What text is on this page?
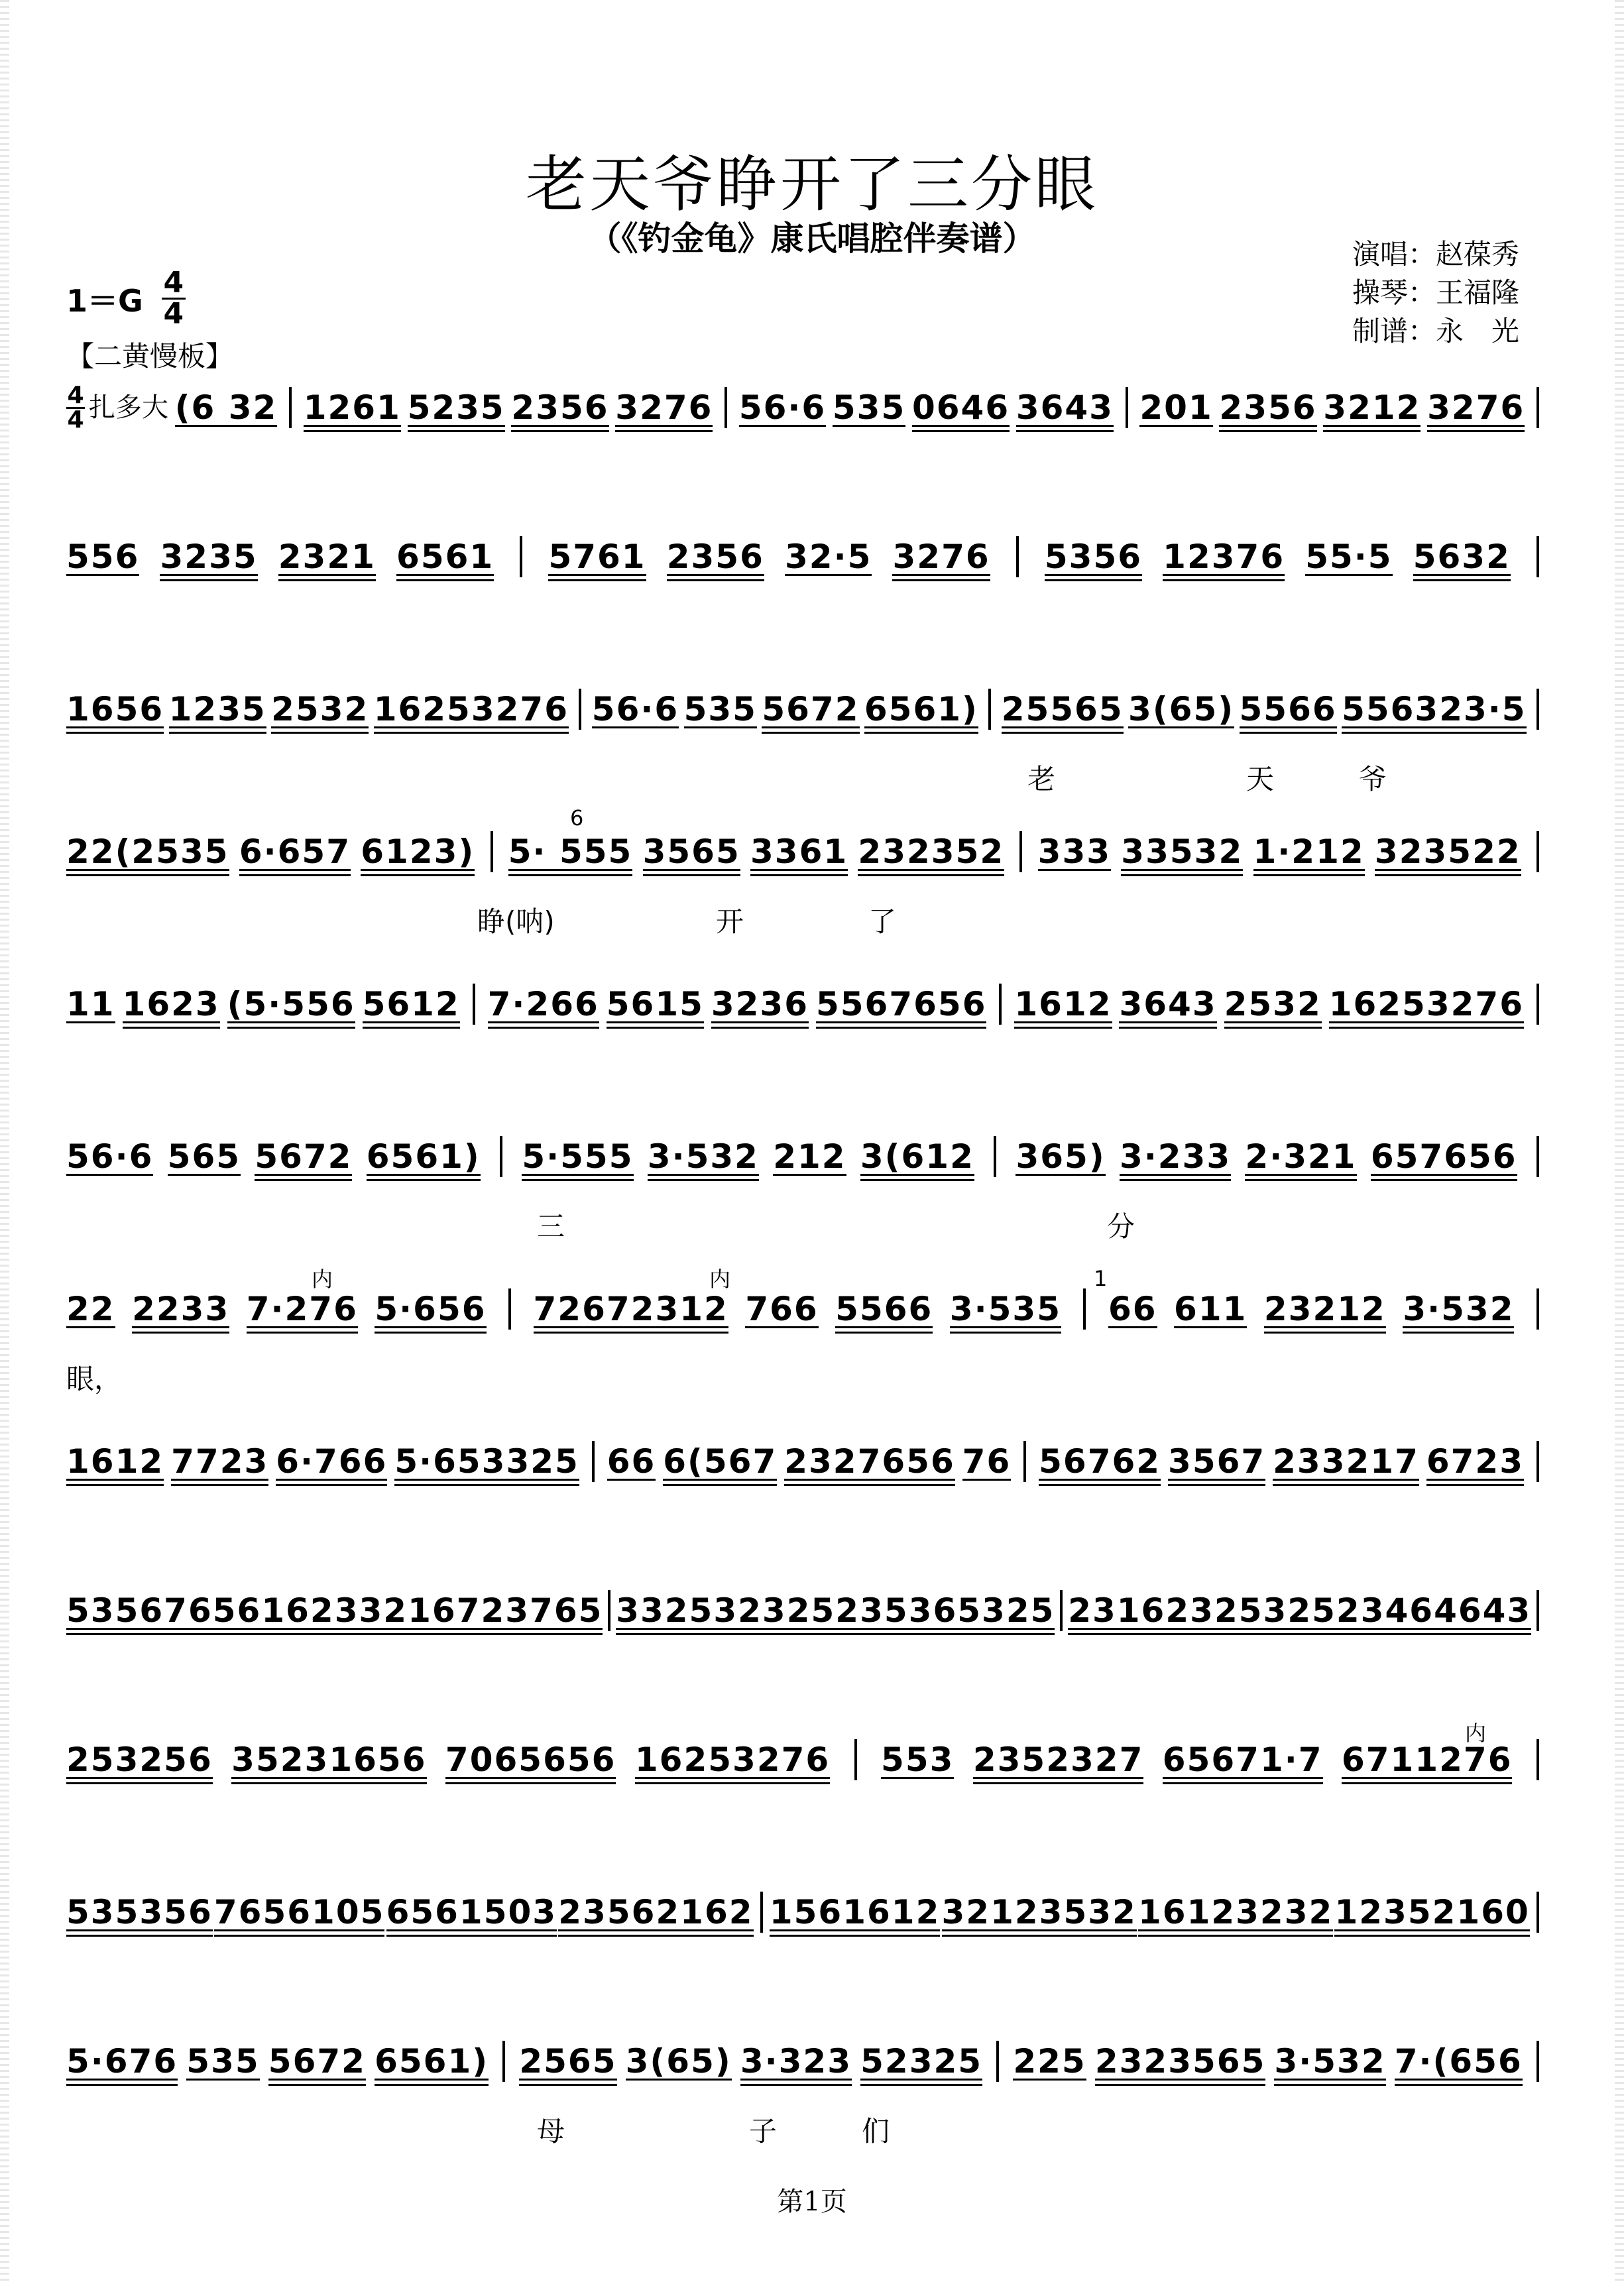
老天爷睁开了三分眼
（《钓金龟》康氏唱腔伴奏谱）	演唱：赵葆秀
操琴：王福隆
制谱：永　光
$1=G \frac{4}{4}$
【二黄慢板】
$\frac{4}{4}$ 扎多大 (6 32 1261 5235 2356 3276 56·6 535 0646 3643 201 2356 3212 3276
556 3235 2321 6561 5761 2356 32·5 3276 5356 12376 55·5 5632
1656 1235 2532 16253276 56·6 535 5672 6561) 25565 3(65) 5566 556323·5
老	天	爷
22(2535 6·657 6123) 5· 555 3565 3361 232352 333 33532 1·212 323522
睁(呐)	开	了
11 1623 (5·556 5612 7·266 5615 3236 5567656 1612 3643 2532 16253276
56·6 565 5672 6561) 5·555 3·532 212 3(612 365) 3·233 2·321 657656
三	分
22 2233 7·276 5·656 72672312 766 5566 3·535 66 611 23212 3·532
眼，
1612 7723 6·766 5·653325 66 6(567 2327656 76 56762 3567 233217 6723
5356 765616 23321 6723765 3325 32325 2353 65325 2316 2325 32523 464643
253256 35231656 7065656 16253276 553 2352327 65671·7 6711276
535356 7656105 6561503 23562162 1561612 32123532 16123232 12352160
5·676 535 5672 6561) 2565 3(65) 3·323 52325 225 2323565 3·532 7·(656
母	子	们
内	内
内
6
1
第1页
